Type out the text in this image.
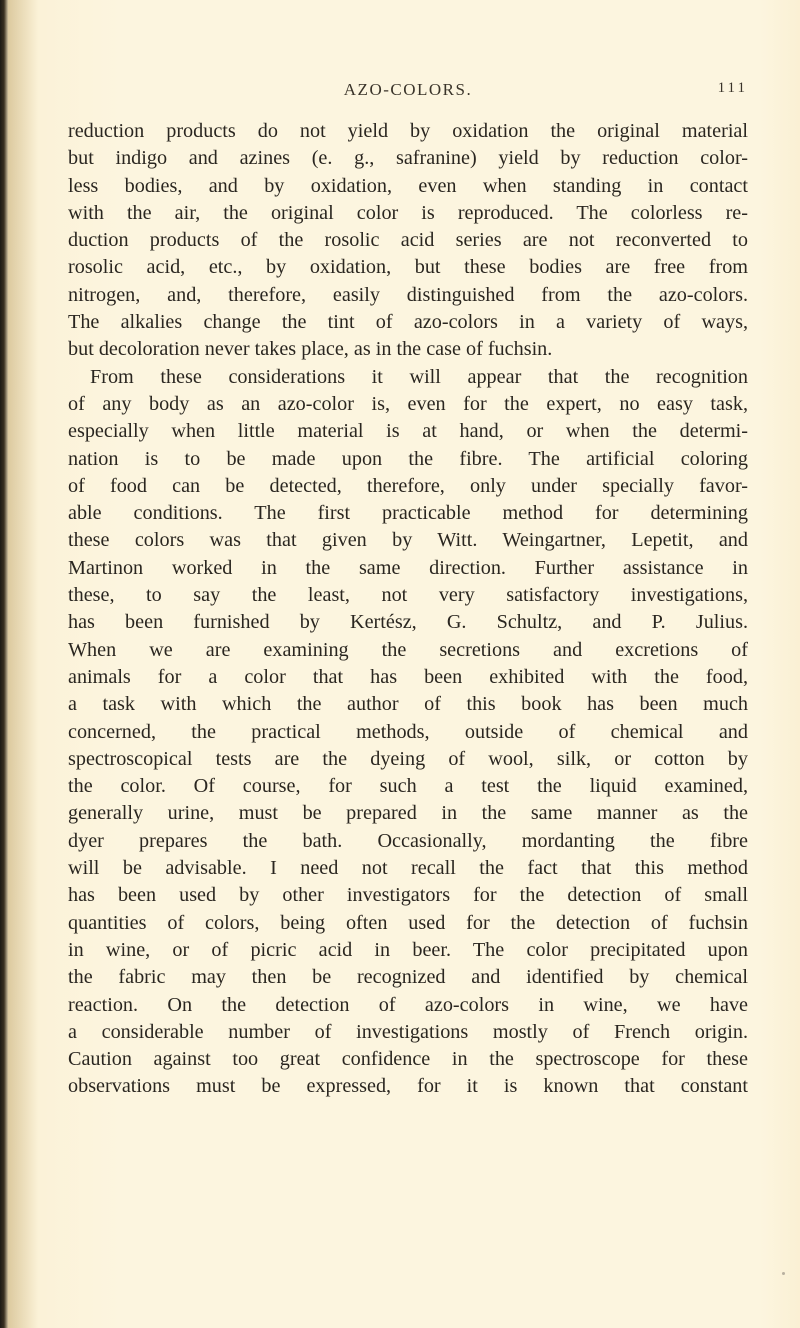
AZO-COLORS.	111
reduction products do not yield by oxidation the original material
but indigo and azines (e. g., safranine) yield by reduction color-
less bodies, and by oxidation, even when standing in contact
with the air, the original color is reproduced. The colorless re-
duction products of the rosolic acid series are not reconverted to
rosolic acid, etc., by oxidation, but these bodies are free from
nitrogen, and, therefore, easily distinguished from the azo-colors.
The alkalies change the tint of azo-colors in a variety of ways,
but decoloration never takes place, as in the case of fuchsin.
From these considerations it will appear that the recognition
of any body as an azo-color is, even for the expert, no easy task,
especially when little material is at hand, or when the determi-
nation is to be made upon the fibre. The artificial coloring
of food can be detected, therefore, only under specially favor-
able conditions. The first practicable method for determining
these colors was that given by Witt. Weingartner, Lepetit, and
Martinon worked in the same direction. Further assistance in
these, to say the least, not very satisfactory investigations,
has been furnished by Kertész, G. Schultz, and P. Julius.
When we are examining the secretions and excretions of
animals for a color that has been exhibited with the food,
a task with which the author of this book has been much
concerned, the practical methods, outside of chemical and
spectroscopical tests are the dyeing of wool, silk, or cotton by
the color. Of course, for such a test the liquid examined,
generally urine, must be prepared in the same manner as the
dyer prepares the bath. Occasionally, mordanting the fibre
will be advisable. I need not recall the fact that this method
has been used by other investigators for the detection of small
quantities of colors, being often used for the detection of fuchsin
in wine, or of picric acid in beer. The color precipitated upon
the fabric may then be recognized and identified by chemical
reaction. On the detection of azo-colors in wine, we have
a considerable number of investigations mostly of French origin.
Caution against too great confidence in the spectroscope for these
observations must be expressed, for it is known that constant
